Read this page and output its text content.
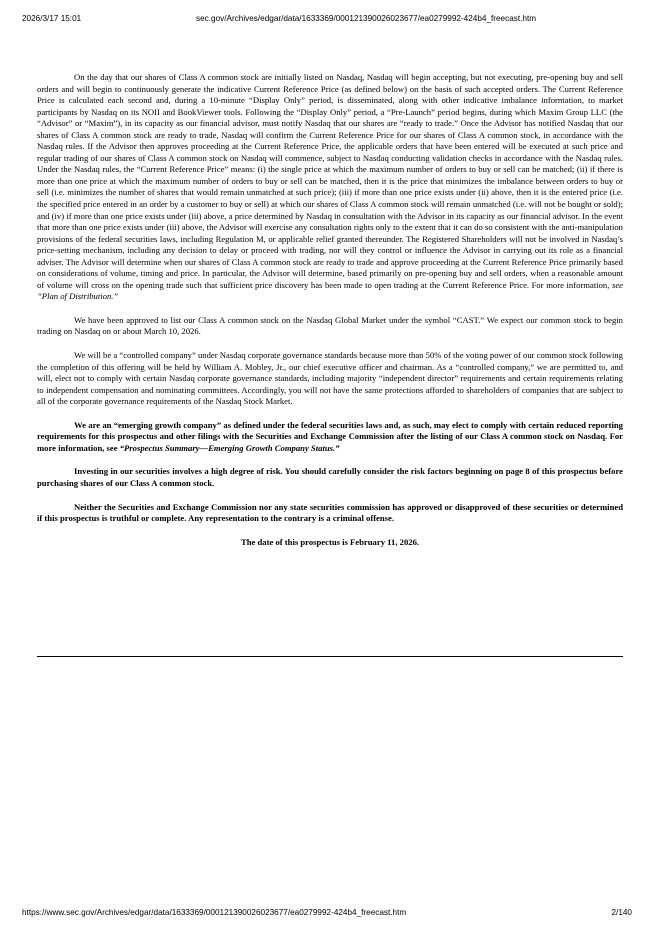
2026/3/17 15:01	sec.gov/Archives/edgar/data/1633369/000121390026023677/ea0279992-424b4_freecast.htm

On the day that our shares of Class A common stock are initially listed on Nasdaq, Nasdaq will begin accepting, but not executing, pre-opening buy and sell orders and will begin to continuously generate the indicative Current Reference Price (as defined below) on the basis of such accepted orders. The Current Reference Price is calculated each second and, during a 10-minute “Display Only” period, is disseminated, along with other indicative imbalance information, to market participants by Nasdaq on its NOII and BookViewer tools. Following the “Display Only” period, a “Pre-Launch” period begins, during which Maxim Group LLC (the “Advisor” or “Maxim”), in its capacity as our financial advisor, must notify Nasdaq that our shares are “ready to trade.” Once the Advisor has notified Nasdaq that our shares of Class A common stock are ready to trade, Nasdaq will confirm the Current Reference Price for our shares of Class A common stock, in accordance with the Nasdaq rules. If the Advisor then approves proceeding at the Current Reference Price, the applicable orders that have been entered will be executed at such price and regular trading of our shares of Class A common stock on Nasdaq will commence, subject to Nasdaq conducting validation checks in accordance with the Nasdaq rules. Under the Nasdaq rules, the “Current Reference Price” means: (i) the single price at which the maximum number of orders to buy or sell can be matched; (ii) if there is more than one price at which the maximum number of orders to buy or sell can be matched, then it is the price that minimizes the imbalance between orders to buy or sell (i.e. minimizes the number of shares that would remain unmatched at such price); (iii) if more than one price exists under (ii) above, then it is the entered price (i.e. the specified price entered in an order by a customer to buy or sell) at which our shares of Class A common stock will remain unmatched (i.e. will not be bought or sold); and (iv) if more than one price exists under (iii) above, a price determined by Nasdaq in consultation with the Advisor in its capacity as our financial advisor. In the event that more than one price exists under (iii) above, the Advisor will exercise any consultation rights only to the extent that it can do so consistent with the anti-manipulation provisions of the federal securities laws, including Regulation M, or applicable relief granted thereunder. The Registered Shareholders will not be involved in Nasdaq’s price-setting mechanism, including any decision to delay or proceed with trading, nor will they control or influence the Advisor in carrying out its role as a financial adviser. The Advisor will determine when our shares of Class A common stock are ready to trade and approve proceeding at the Current Reference Price primarily based on considerations of volume, timing and price. In particular, the Advisor will determine, based primarily on pre-opening buy and sell orders, when a reasonable amount of volume will cross on the opening trade such that sufficient price discovery has been made to open trading at the Current Reference Price. For more information, see ”Plan of Distribution.”

We have been approved to list our Class A common stock on the Nasdaq Global Market under the symbol “CAST.” We expect our common stock to begin trading on Nasdaq on or about March 10, 2026.

We will be a “controlled company” under Nasdaq corporate governance standards because more than 50% of the voting power of our common stock following the completion of this offering will be held by William A. Mobley, Jr., our chief executive officer and chairman. As a “controlled company,” we are permitted to, and will, elect not to comply with certain Nasdaq corporate governance standards, including majority “independent director” requirements and certain requirements relating to independent compensation and nominating committees. Accordingly, you will not have the same protections afforded to shareholders of companies that are subject to all of the corporate governance requirements of the Nasdaq Stock Market.

We are an “emerging growth company” as defined under the federal securities laws and, as such, may elect to comply with certain reduced reporting requirements for this prospectus and other filings with the Securities and Exchange Commission after the listing of our Class A common stock on Nasdaq. For more information, see “Prospectus Summary—Emerging Growth Company Status.”

Investing in our securities involves a high degree of risk. You should carefully consider the risk factors beginning on page 8 of this prospectus before purchasing shares of our Class A common stock.

Neither the Securities and Exchange Commission nor any state securities commission has approved or disapproved of these securities or determined if this prospectus is truthful or complete. Any representation to the contrary is a criminal offense.

The date of this prospectus is February 11, 2026.

https://www.sec.gov/Archives/edgar/data/1633369/000121390026023677/ea0279992-424b4_freecast.htm	2/140
